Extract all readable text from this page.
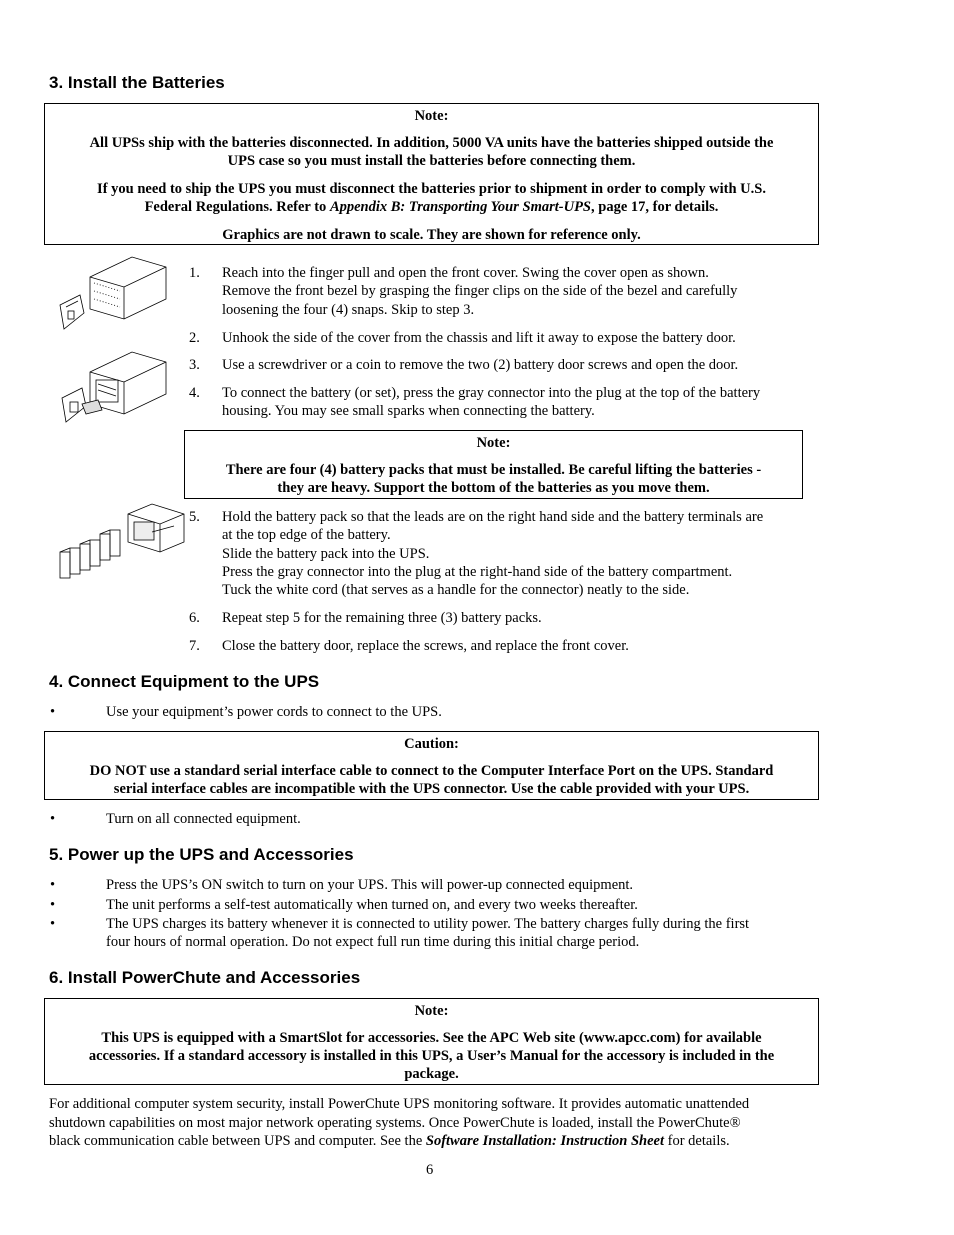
3. Install the Batteries

Note:

All UPSs ship with the batteries disconnected. In addition, 5000 VA units have the batteries shipped outside the
UPS case so you must install the batteries before connecting them.

If you need to ship the UPS you must disconnect the batteries prior to shipment in order to comply with U.S.
Federal Regulations. Refer to Appendix B: Transporting Your Smart-UPS, page 17, for details.

Graphics are not drawn to scale. They are shown for reference only.

1. Reach into the finger pull and open the front cover. Swing the cover open as shown.
Remove the front bezel by grasping the finger clips on the side of the bezel and carefully
loosening the four (4) snaps. Skip to step 3.
2. Unhook the side of the cover from the chassis and lift it away to expose the battery door.
3. Use a screwdriver or a coin to remove the two (2) battery door screws and open the door.
4. To connect the battery (or set), press the gray connector into the plug at the top of the battery
housing. You may see small sparks when connecting the battery.

Note:

There are four (4) battery packs that must be installed. Be careful lifting the batteries -
they are heavy. Support the bottom of the batteries as you move them.

5. Hold the battery pack so that the leads are on the right hand side and the battery terminals are
at the top edge of the battery.
Slide the battery pack into the UPS.
Press the gray connector into the plug at the right-hand side of the battery compartment.
Tuck the white cord (that serves as a handle for the connector) neatly to the side.
6. Repeat step 5 for the remaining three (3) battery packs.
7. Close the battery door, replace the screws, and replace the front cover.
4. Connect Equipment to the UPS
•	Use your equipment’s power cords to connect to the UPS.

Caution:

DO NOT use a standard serial interface cable to connect to the Computer Interface Port on the UPS. Standard
serial interface cables are incompatible with the UPS connector. Use the cable provided with your UPS.

•	Turn on all connected equipment.
5. Power up the UPS and Accessories
•	Press the UPS’s ON switch to turn on your UPS. This will power-up connected equipment.
•	The unit performs a self-test automatically when turned on, and every two weeks thereafter.
•	The UPS charges its battery whenever it is connected to utility power. The battery charges fully during the first
four hours of normal operation. Do not expect full run time during this initial charge period.
6. Install PowerChute and Accessories

Note:

This UPS is equipped with a SmartSlot for accessories. See the APC Web site (www.apcc.com) for available
accessories. If a standard accessory is installed in this UPS, a User’s Manual for the accessory is included in the
package.

For additional computer system security, install PowerChute UPS monitoring software. It provides automatic unattended
shutdown capabilities on most major network operating systems. Once PowerChute is loaded, install the PowerChute®
black communication cable between UPS and computer. See the Software Installation: Instruction Sheet for details.
6
